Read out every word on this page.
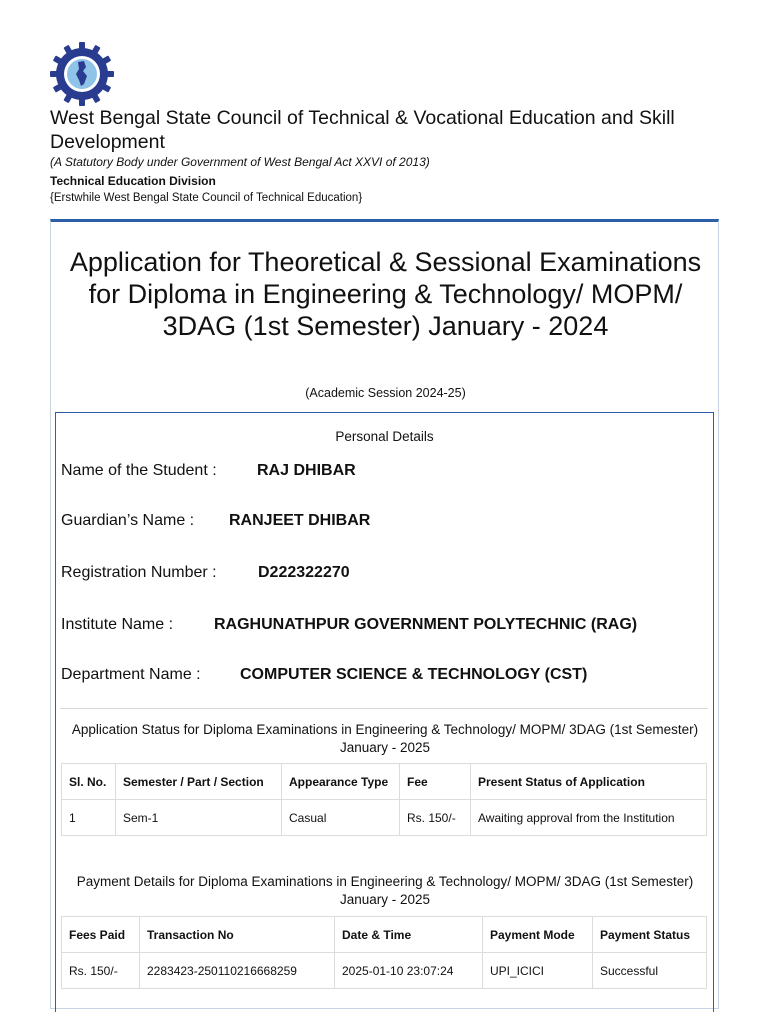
West Bengal State Council of Technical & Vocational Education and Skill Development
(A Statutory Body under Government of West Bengal Act XXVI of 2013)
Technical Education Division
{Erstwhile West Bengal State Council of Technical Education}
Application for Theoretical & Sessional Examinations for Diploma in Engineering & Technology/ MOPM/ 3DAG (1st Semester) January - 2024
(Academic Session 2024-25)
Personal Details
Name of the Student :	RAJ DHIBAR
Guardian’s Name : RANJEET DHIBAR
Registration Number :	D222322270
Institute Name :	RAGHUNATHPUR GOVERNMENT POLYTECHNIC (RAG)
Department Name : COMPUTER SCIENCE & TECHNOLOGY (CST)
Application Status for Diploma Examinations in Engineering & Technology/ MOPM/ 3DAG (1st Semester) January - 2025
Sl. No.	Semester / Part / Section	Appearance Type	Fee	Present Status of Application
1	Sem-1	Casual	Rs. 150/-	Awaiting approval from the Institution
Payment Details for Diploma Examinations in Engineering & Technology/ MOPM/ 3DAG (1st Semester) January - 2025
Fees Paid	Transaction No	Date & Time	Payment Mode	Payment Status
Rs. 150/-	2283423-250110216668259	2025-01-10 23:07:24	UPI_ICICI	Successful
